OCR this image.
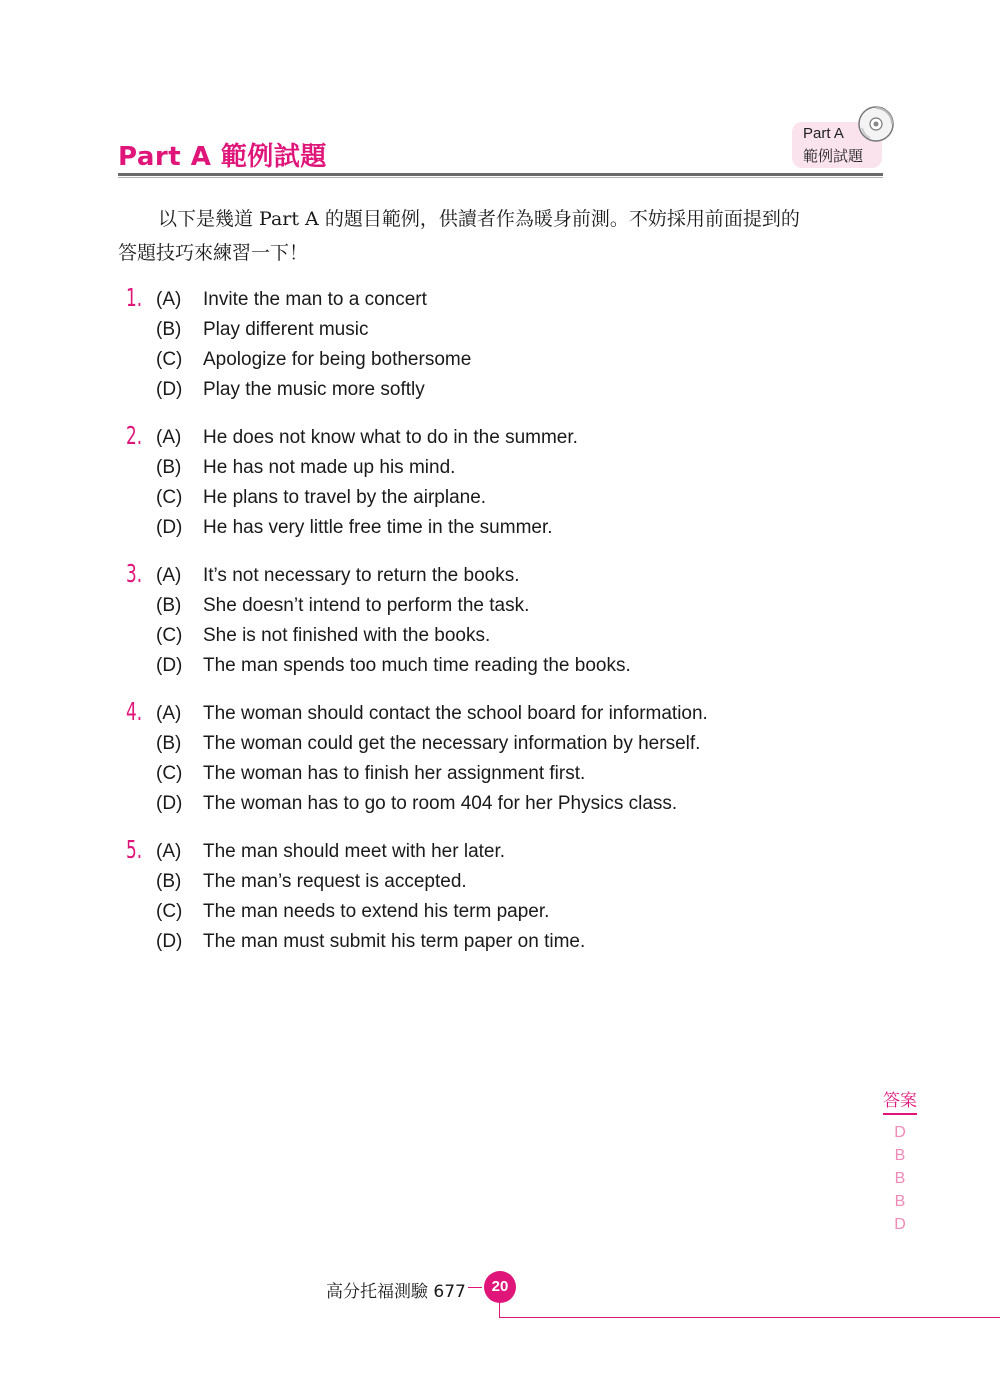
Part A 範例試題
Part A
範例試題
以下是幾道 Part A 的題目範例，供讀者作為暖身前測。不妨採用前面提到的
答題技巧來練習一下！
1. (A) Invite the man to a concert
(B) Play different music
(C) Apologize for being bothersome
(D) Play the music more softly
2. (A) He does not know what to do in the summer.
(B) He has not made up his mind.
(C) He plans to travel by the airplane.
(D) He has very little free time in the summer.
3. (A) It’s not necessary to return the books.
(B) She doesn’t intend to perform the task.
(C) She is not finished with the books.
(D) The man spends too much time reading the books.
4. (A) The woman should contact the school board for information.
(B) The woman could get the necessary information by herself.
(C) The woman has to finish her assignment first.
(D) The woman has to go to room 404 for her Physics class.
5. (A) The man should meet with her later.
(B) The man’s request is accepted.
(C) The man needs to extend his term paper.
(D) The man must submit his term paper on time.
答案
D
B
B
B
D
高分托福測驗 677	20
